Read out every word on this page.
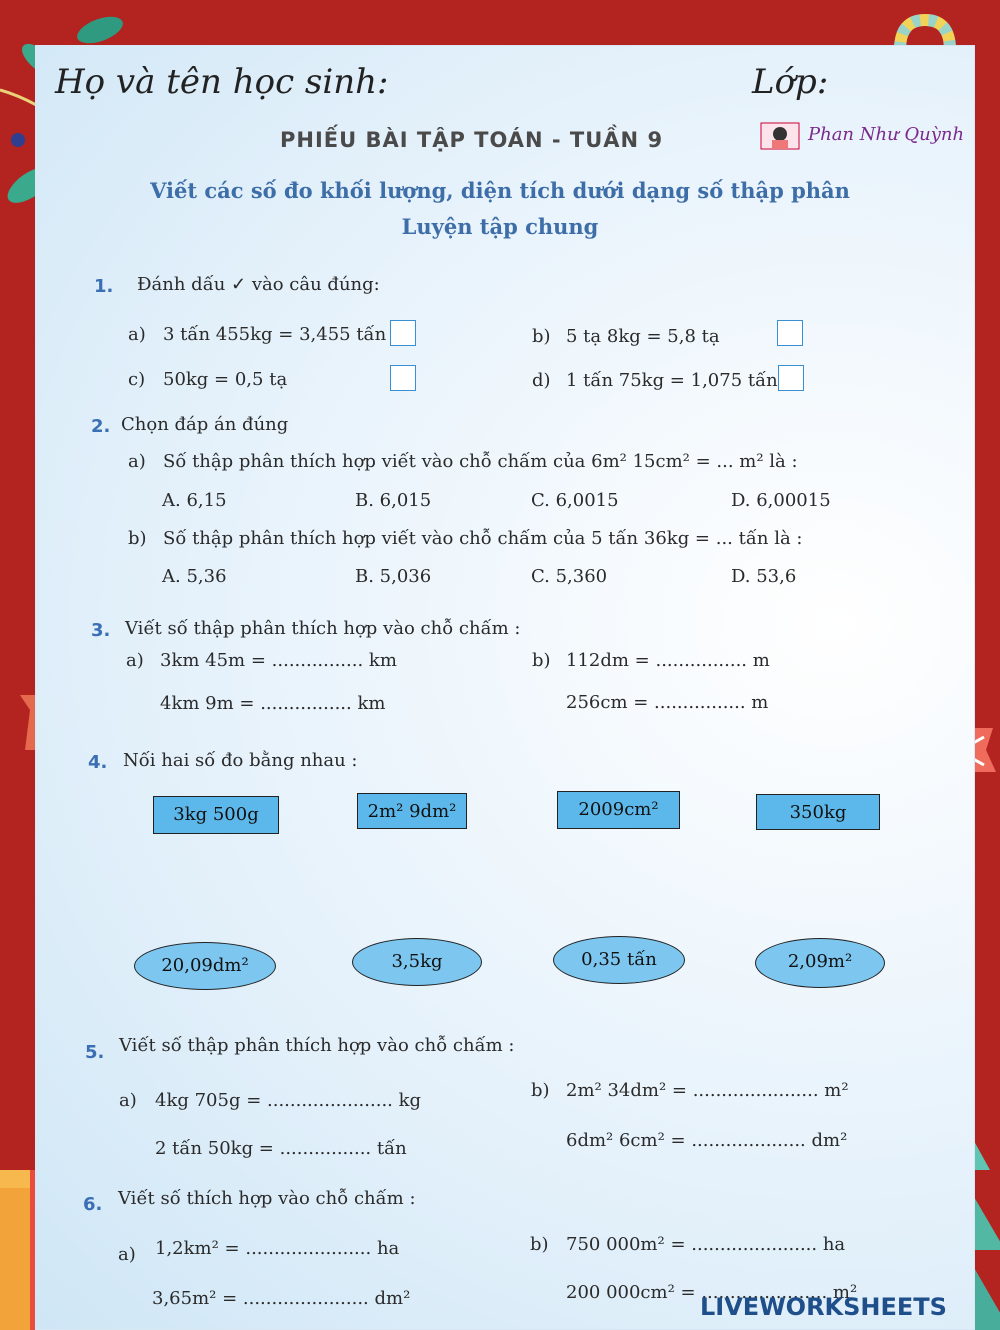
Họ và tên học sinh:	Lớp:
PHIẾU BÀI TẬP TOÁN - TUẦN 9	Phan Như Quỳnh
Viết các số đo khối lượng, diện tích dưới dạng số thập phân
Luyện tập chung
1. Đánh dấu ✓ vào câu đúng:
a) 3 tấn 455kg = 3,455 tấn	b) 5 tạ 8kg = 5,8 tạ
c) 50kg = 0,5 tạ	d) 1 tấn 75kg = 1,075 tấn
2. Chọn đáp án đúng
a) Số thập phân thích hợp viết vào chỗ chấm của 6m² 15cm² = ... m² là :
A. 6,15	B. 6,015	C. 6,0015	D. 6,00015
b) Số thập phân thích hợp viết vào chỗ chấm của 5 tấn 36kg = ... tấn là :
A. 5,36	B. 5,036	C. 5,360	D. 53,6
3. Viết số thập phân thích hợp vào chỗ chấm :
a) 3km 45m = ................ km	b) 112dm = ................ m
4km 9m = ................ km	256cm = ................ m
4. Nối hai số đo bằng nhau :
3kg 500g	2m² 9dm²	2009cm²	350kg
20,09dm²	3,5kg	0,35 tấn	2,09m²
5. Viết số thập phân thích hợp vào chỗ chấm :
a) 4kg 705g = ...................... kg	b) 2m² 34dm² = ...................... m²
2 tấn 50kg = ................ tấn	6dm² 6cm² = .................... dm²
6. Viết số thích hợp vào chỗ chấm :
a) 1,2km² = ...................... ha	b) 750 000m² = ...................... ha
3,65m² = ...................... dm²	200 000cm² = ...................... m²
LIVEWORKSHEETS
